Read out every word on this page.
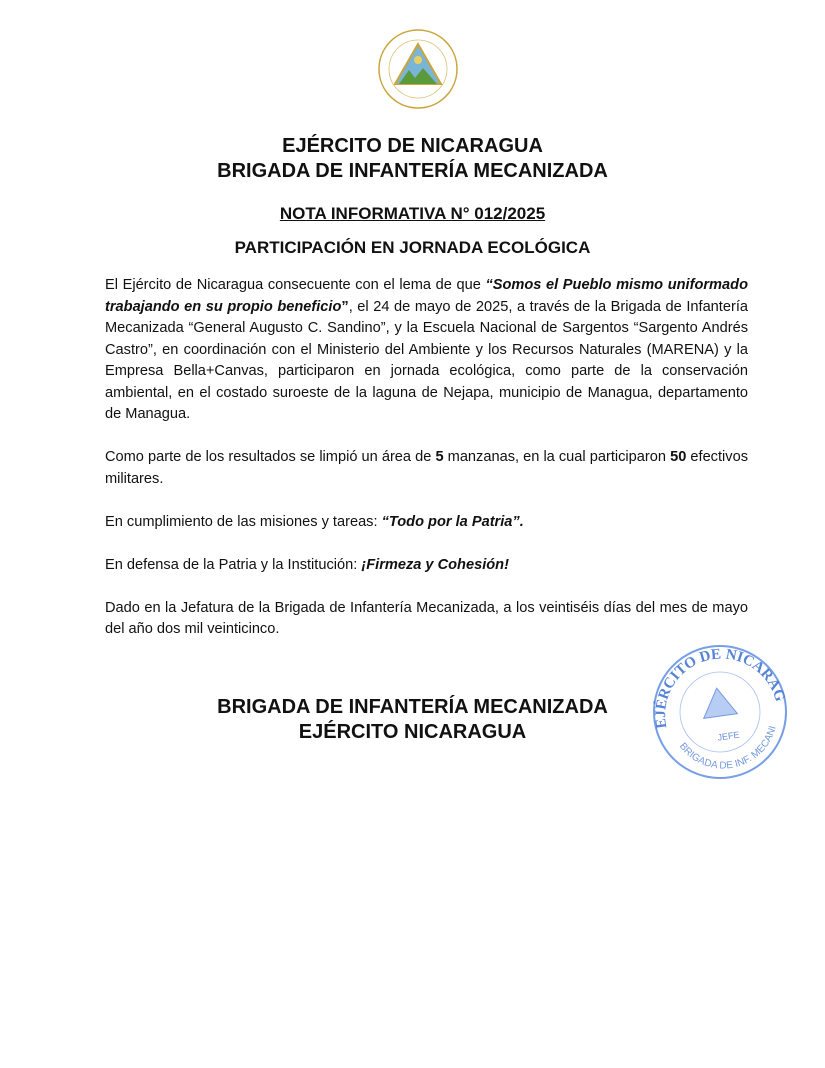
EJÉRCITO DE NICARAGUA
BRIGADA DE INFANTERÍA MECANIZADA
NOTA INFORMATIVA N° 012/2025
PARTICIPACIÓN EN JORNADA ECOLÓGICA

El Ejército de Nicaragua consecuente con el lema de que “Somos el Pueblo mismo uniformado trabajando en su propio beneficio”, el 24 de mayo de 2025, a través de la Brigada de Infantería Mecanizada “General Augusto C. Sandino”, y la Escuela Nacional de Sargentos “Sargento Andrés Castro”, en coordinación con el Ministerio del Ambiente y los Recursos Naturales (MARENA) y la Empresa Bella+Canvas, participaron en jornada ecológica, como parte de la conservación ambiental, en el costado suroeste de la laguna de Nejapa, municipio de Managua, departamento de Managua.

Como parte de los resultados se limpió un área de 5 manzanas, en la cual participaron 50 efectivos militares.

En cumplimiento de las misiones y tareas: “Todo por la Patria”.

En defensa de la Patria y la Institución: ¡Firmeza y Cohesión!

Dado en la Jefatura de la Brigada de Infantería Mecanizada, a los veintiséis días del mes de mayo del año dos mil veinticinco.

BRIGADA DE INFANTERÍA MECANIZADA
EJÉRCITO NICARAGUA	EJÉRCITO DE NICARAGUA
BRIGADA DE INF. MECANIZADA
JEFE
